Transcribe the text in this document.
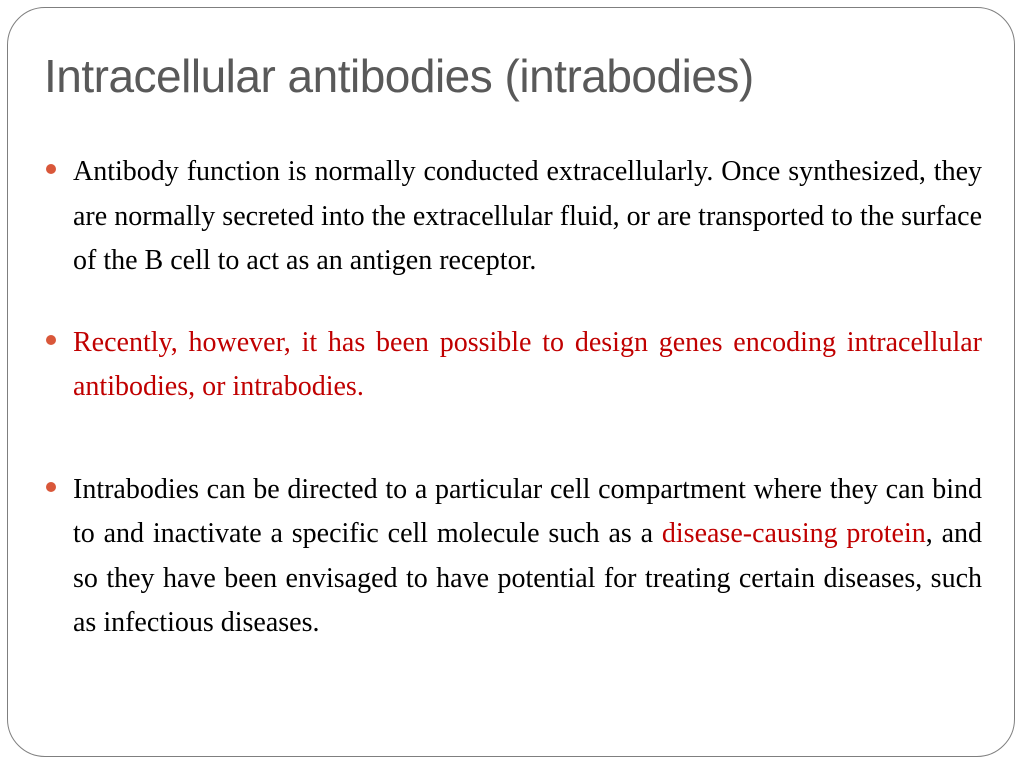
Intracellular antibodies (intrabodies)
Antibody function is normally conducted extracellularly. Once synthesized, they are normally secreted into the extracellular fluid, or are transported to the surface of the B cell to act as an antigen receptor.
Recently, however, it has been possible to design genes encoding intracellular antibodies, or intrabodies.
Intrabodies can be directed to a particular cell compartment where they can bind to and inactivate a specific cell molecule such as a disease-causing protein, and so they have been envisaged to have potential for treating certain diseases, such as infectious diseases.
